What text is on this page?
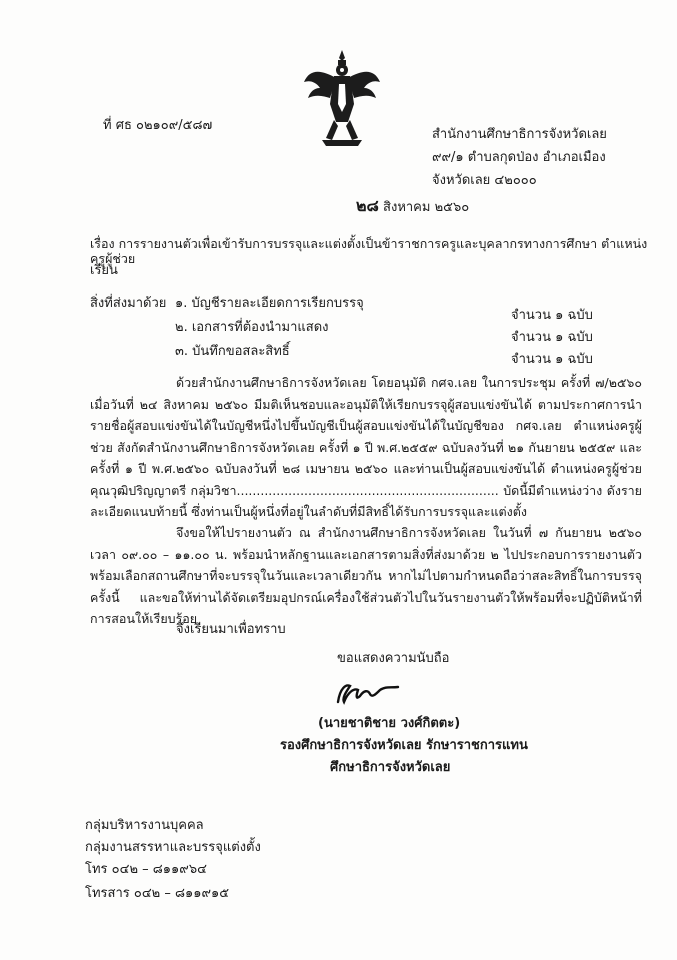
ที่ ศธ ๐๒๑๐๙/๕๘๗
สำนักงานศึกษาธิการจังหวัดเลย
๙๙/๑ ตำบลกุดป่อง อำเภอเมือง
จังหวัดเลย ๔๒๐๐๐
๒๘ สิงหาคม ๒๕๖๐
เรื่อง การรายงานตัวเพื่อเข้ารับการบรรจุและแต่งตั้งเป็นข้าราชการครูและบุคลากรทางการศึกษา ตำแหน่งครูผู้ช่วย
เรียน
สิ่งที่ส่งมาด้วย ๑. บัญชีรายละเอียดการเรียกบรรจุ
๒. เอกสารที่ต้องนำมาแสดง
๓. บันทึกขอสละสิทธิ์
จำนวน ๑ ฉบับ
จำนวน ๑ ฉบับ
จำนวน ๑ ฉบับ
ด้วยสำนักงานศึกษาธิการจังหวัดเลย โดยอนุมัติ กศจ.เลย ในการประชุม ครั้งที่ ๗/๒๕๖๐ เมื่อวันที่ ๒๔ สิงหาคม ๒๕๖๐ มีมติเห็นชอบและอนุมัติให้เรียกบรรจุผู้สอบแข่งขันได้ ตามประกาศการนำรายชื่อผู้สอบแข่งขันได้ในบัญชีหนึ่งไปขึ้นบัญชีเป็นผู้สอบแข่งขันได้ในบัญชีของ กศจ.เลย ตำแหน่งครูผู้ช่วย สังกัดสำนักงานศึกษาธิการจังหวัดเลย ครั้งที่ ๑ ปี พ.ศ.๒๕๕๙ ฉบับลงวันที่ ๒๑ กันยายน ๒๕๕๙ และครั้งที่ ๑ ปี พ.ศ.๒๕๖๐ ฉบับลงวันที่ ๒๘ เมษายน ๒๕๖๐ และท่านเป็นผู้สอบแข่งขันได้ ตำแหน่งครูผู้ช่วย คุณวุฒิปริญญาตรี กลุ่มวิชา.................................................................. บัดนี้มีตำแหน่งว่าง ดังรายละเอียดแนบท้ายนี้ ซึ่งท่านเป็นผู้หนึ่งที่อยู่ในลำดับที่มีสิทธิ์ได้รับการบรรจุและแต่งตั้ง
จึงขอให้ไปรายงานตัว ณ สำนักงานศึกษาธิการจังหวัดเลย ในวันที่ ๗ กันยายน ๒๕๖๐ เวลา ๐๙.๐๐ – ๑๑.๐๐ น. พร้อมนำหลักฐานและเอกสารตามสิ่งที่ส่งมาด้วย ๒ ไปประกอบการรายงานตัว พร้อมเลือกสถานศึกษาที่จะบรรจุในวันและเวลาเดียวกัน หากไม่ไปตามกำหนดถือว่าสละสิทธิ์ในการบรรจุครั้งนี้ และขอให้ท่านได้จัดเตรียมอุปกรณ์เครื่องใช้ส่วนตัวไปในวันรายงานตัวให้พร้อมที่จะปฏิบัติหน้าที่การสอนให้เรียบร้อย
จึงเรียนมาเพื่อทราบ
ขอแสดงความนับถือ
(นายชาติชาย วงศ์กิตตะ)
รองศึกษาธิการจังหวัดเลย รักษาราชการแทน
ศึกษาธิการจังหวัดเลย
กลุ่มบริหารงานบุคคล
กลุ่มงานสรรหาและบรรจุแต่งตั้ง
โทร ๐๔๒ – ๘๑๑๙๖๔
โทรสาร ๐๔๒ – ๘๑๑๙๑๕
